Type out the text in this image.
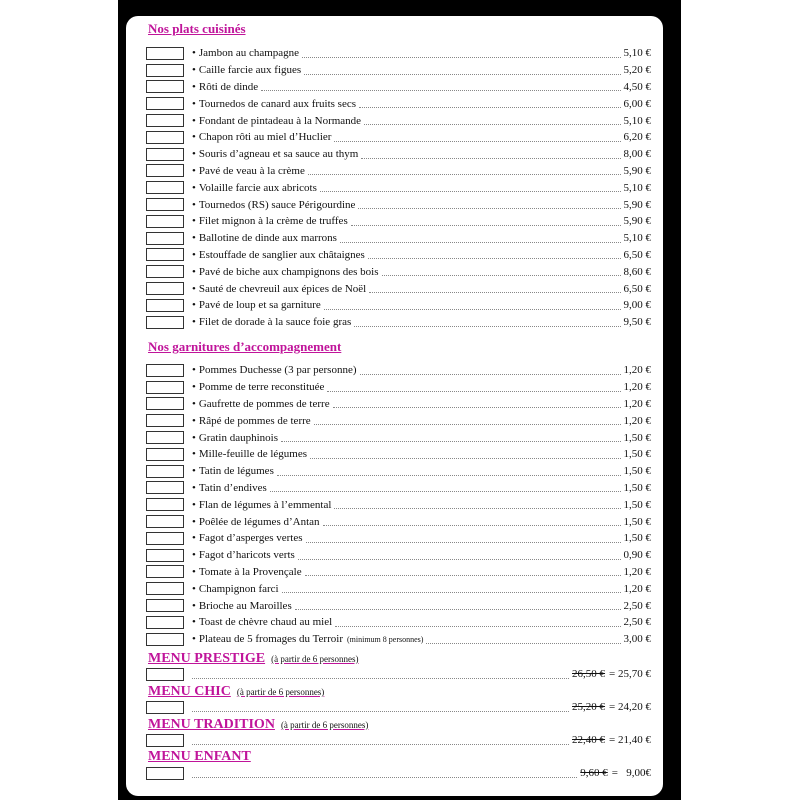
Nos plats cuisinés
• Jambon au champagne	5,10 €
• Caille farcie aux figues	5,20 €
• Rôti de dinde	4,50 €
• Tournedos de canard aux fruits secs	6,00 €
• Fondant de pintadeau à la Normande	5,10 €
• Chapon rôti au miel d’Huclier	6,20 €
• Souris d’agneau et sa sauce au thym	8,00 €
• Pavé de veau à la crème	5,90 €
• Volaille farcie aux abricots	5,10 €
• Tournedos (RS) sauce Périgourdine	5,90 €
• Filet mignon à la crème de truffes	5,90 €
• Ballotine de dinde aux marrons	5,10 €
• Estouffade de sanglier aux châtaignes	6,50 €
• Pavé de biche aux champignons des bois	8,60 €
• Sauté de chevreuil aux épices de Noël	6,50 €
• Pavé de loup et sa garniture	9,00 €
• Filet de dorade à la sauce foie gras	9,50 €
Nos garnitures d’accompagnement
• Pommes Duchesse (3 par personne)	1,20 €
• Pomme de terre reconstituée	1,20 €
• Gaufrette de pommes de terre	1,20 €
• Râpé de pommes de terre	1,20 €
• Gratin dauphinois	1,50 €
• Mille-feuille de légumes	1,50 €
• Tatin de légumes	1,50 €
• Tatin d’endives	1,50 €
• Flan de légumes à l’emmental	1,50 €
• Poêlée de légumes d’Antan	1,50 €
• Fagot d’asperges vertes	1,50 €
• Fagot d’haricots verts	0,90 €
• Tomate à la Provençale	1,20 €
• Champignon farci	1,20 €
• Brioche au Maroilles	2,50 €
• Toast de chèvre chaud au miel	2,50 €
• Plateau de 5 fromages du Terroir (minimum 8 personnes)	3,00 €
MENU PRESTIGE (à partir de 6 personnes)
26,50 € = 25,70 €
MENU CHIC (à partir de 6 personnes)
25,20 € = 24,20 €
MENU TRADITION (à partir de 6 personnes)
22,40 € = 21,40 €
MENU ENFANT
9,60 € =   9,00€
